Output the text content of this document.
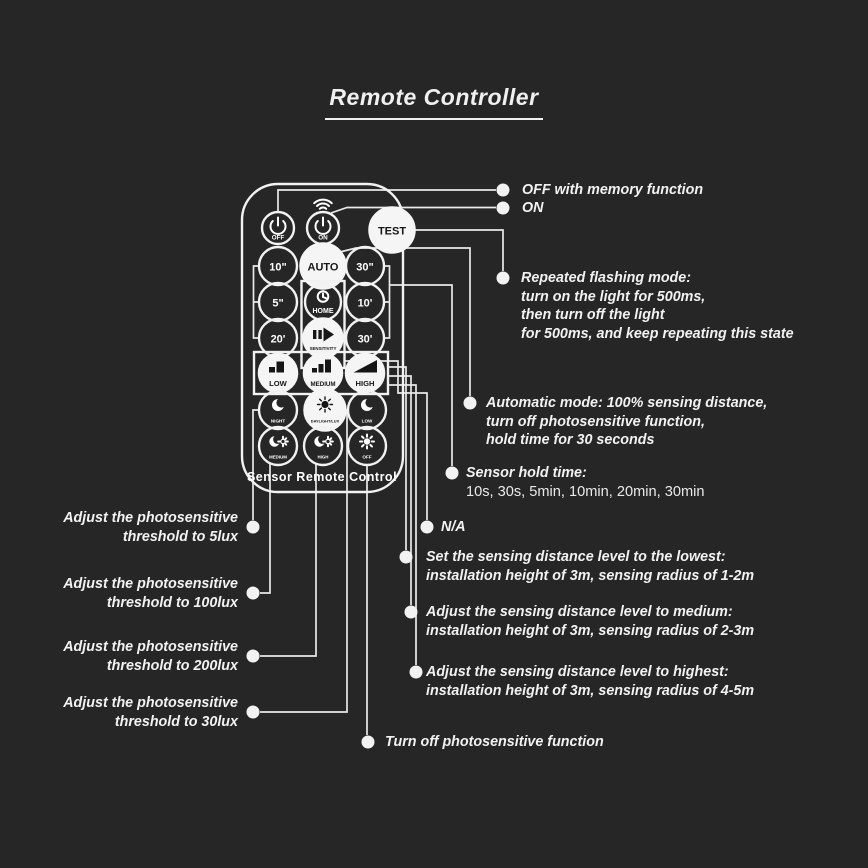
Remote Controller
OFF	ON
TEST
10" AUTO 30"
5"
HOME
10'
20'
SENSITIVITY
30'
LOW	MEDIUM	HIGH
NIGHT	DAYLIGHT/LUX	LOW
MEDIUM	HIGH	OFF
Sensor Remote Control
OFF with memory function
ON
Repeated flashing mode:
turn on the light for 500ms,
then turn off the light
for 500ms, and keep repeating this state
Automatic mode: 100% sensing distance,
turn off photosensitive function,
hold time for 30 seconds
Sensor hold time:
10s, 30s, 5min, 10min, 20min, 30min
N/A
Set the sensing distance level to the lowest:
installation height of 3m, sensing radius of 1-2m
Adjust the sensing distance level to medium:
installation height of 3m, sensing radius of 2-3m
Adjust the sensing distance level to highest:
installation height of 3m, sensing radius of 4-5m
Turn off photosensitive function
Adjust the photosensitive
threshold to 5lux
Adjust the photosensitive
threshold to 100lux
Adjust the photosensitive
threshold to 200lux
Adjust the photosensitive
threshold to 30lux
